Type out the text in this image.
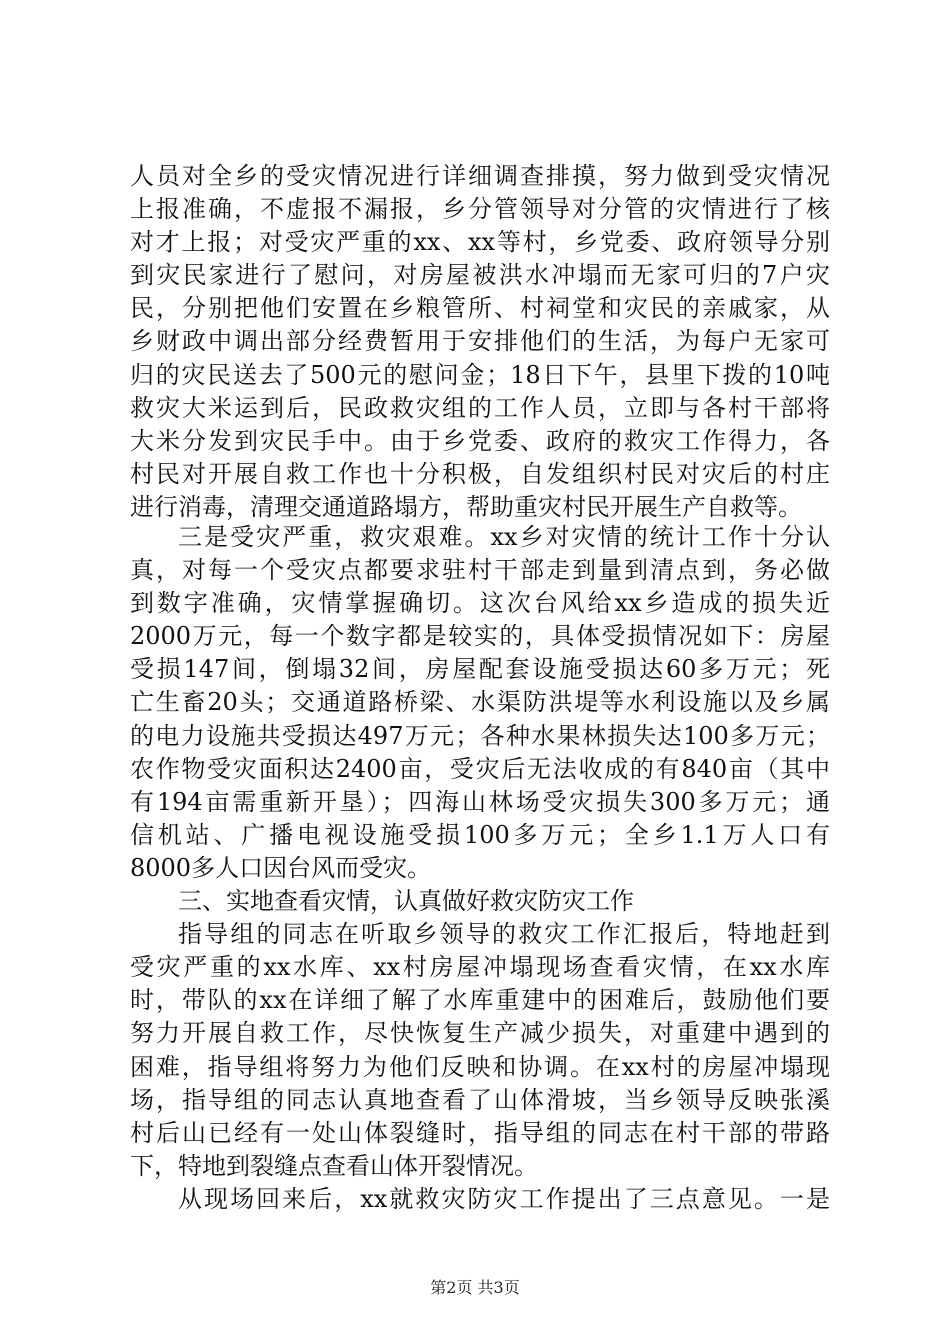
人员对全乡的受灾情况进行详细调查排摸，努力做到受灾情况
上报准确，不虚报不漏报，乡分管领导对分管的灾情进行了核
对才上报；对受灾严重的xx、xx等村，乡党委、政府领导分别
到灾民家进行了慰问，对房屋被洪水冲塌而无家可归的7户灾
民，分别把他们安置在乡粮管所、村祠堂和灾民的亲戚家，从
乡财政中调出部分经费暂用于安排他们的生活，为每户无家可
归的灾民送去了500元的慰问金；18日下午，县里下拨的10吨
救灾大米运到后，民政救灾组的工作人员，立即与各村干部将
大米分发到灾民手中。由于乡党委、政府的救灾工作得力，各
村民对开展自救工作也十分积极，自发组织村民对灾后的村庄
进行消毒，清理交通道路塌方，帮助重灾村民开展生产自救等。
三是受灾严重，救灾艰难。xx乡对灾情的统计工作十分认
真，对每一个受灾点都要求驻村干部走到量到清点到，务必做
到数字准确，灾情掌握确切。这次台风给xx乡造成的损失近
2000万元，每一个数字都是较实的，具体受损情况如下：房屋
受损147间，倒塌32间，房屋配套设施受损达60多万元；死
亡生畜20头；交通道路桥梁、水渠防洪堤等水利设施以及乡属
的电力设施共受损达497万元；各种水果林损失达100多万元；
农作物受灾面积达2400亩，受灾后无法收成的有840亩（其中
有194亩需重新开垦）；四海山林场受灾损失300多万元；通
信机站、广播电视设施受损100多万元；全乡1.1万人口有
8000多人口因台风而受灾。
三、实地查看灾情，认真做好救灾防灾工作
指导组的同志在听取乡领导的救灾工作汇报后，特地赶到
受灾严重的xx水库、xx村房屋冲塌现场查看灾情，在xx水库
时，带队的xx在详细了解了水库重建中的困难后，鼓励他们要
努力开展自救工作，尽快恢复生产减少损失，对重建中遇到的
困难，指导组将努力为他们反映和协调。在xx村的房屋冲塌现
场，指导组的同志认真地查看了山体滑坡，当乡领导反映张溪
村后山已经有一处山体裂缝时，指导组的同志在村干部的带路
下，特地到裂缝点查看山体开裂情况。
从现场回来后，xx就救灾防灾工作提出了三点意见。一是
第2页 共3页
